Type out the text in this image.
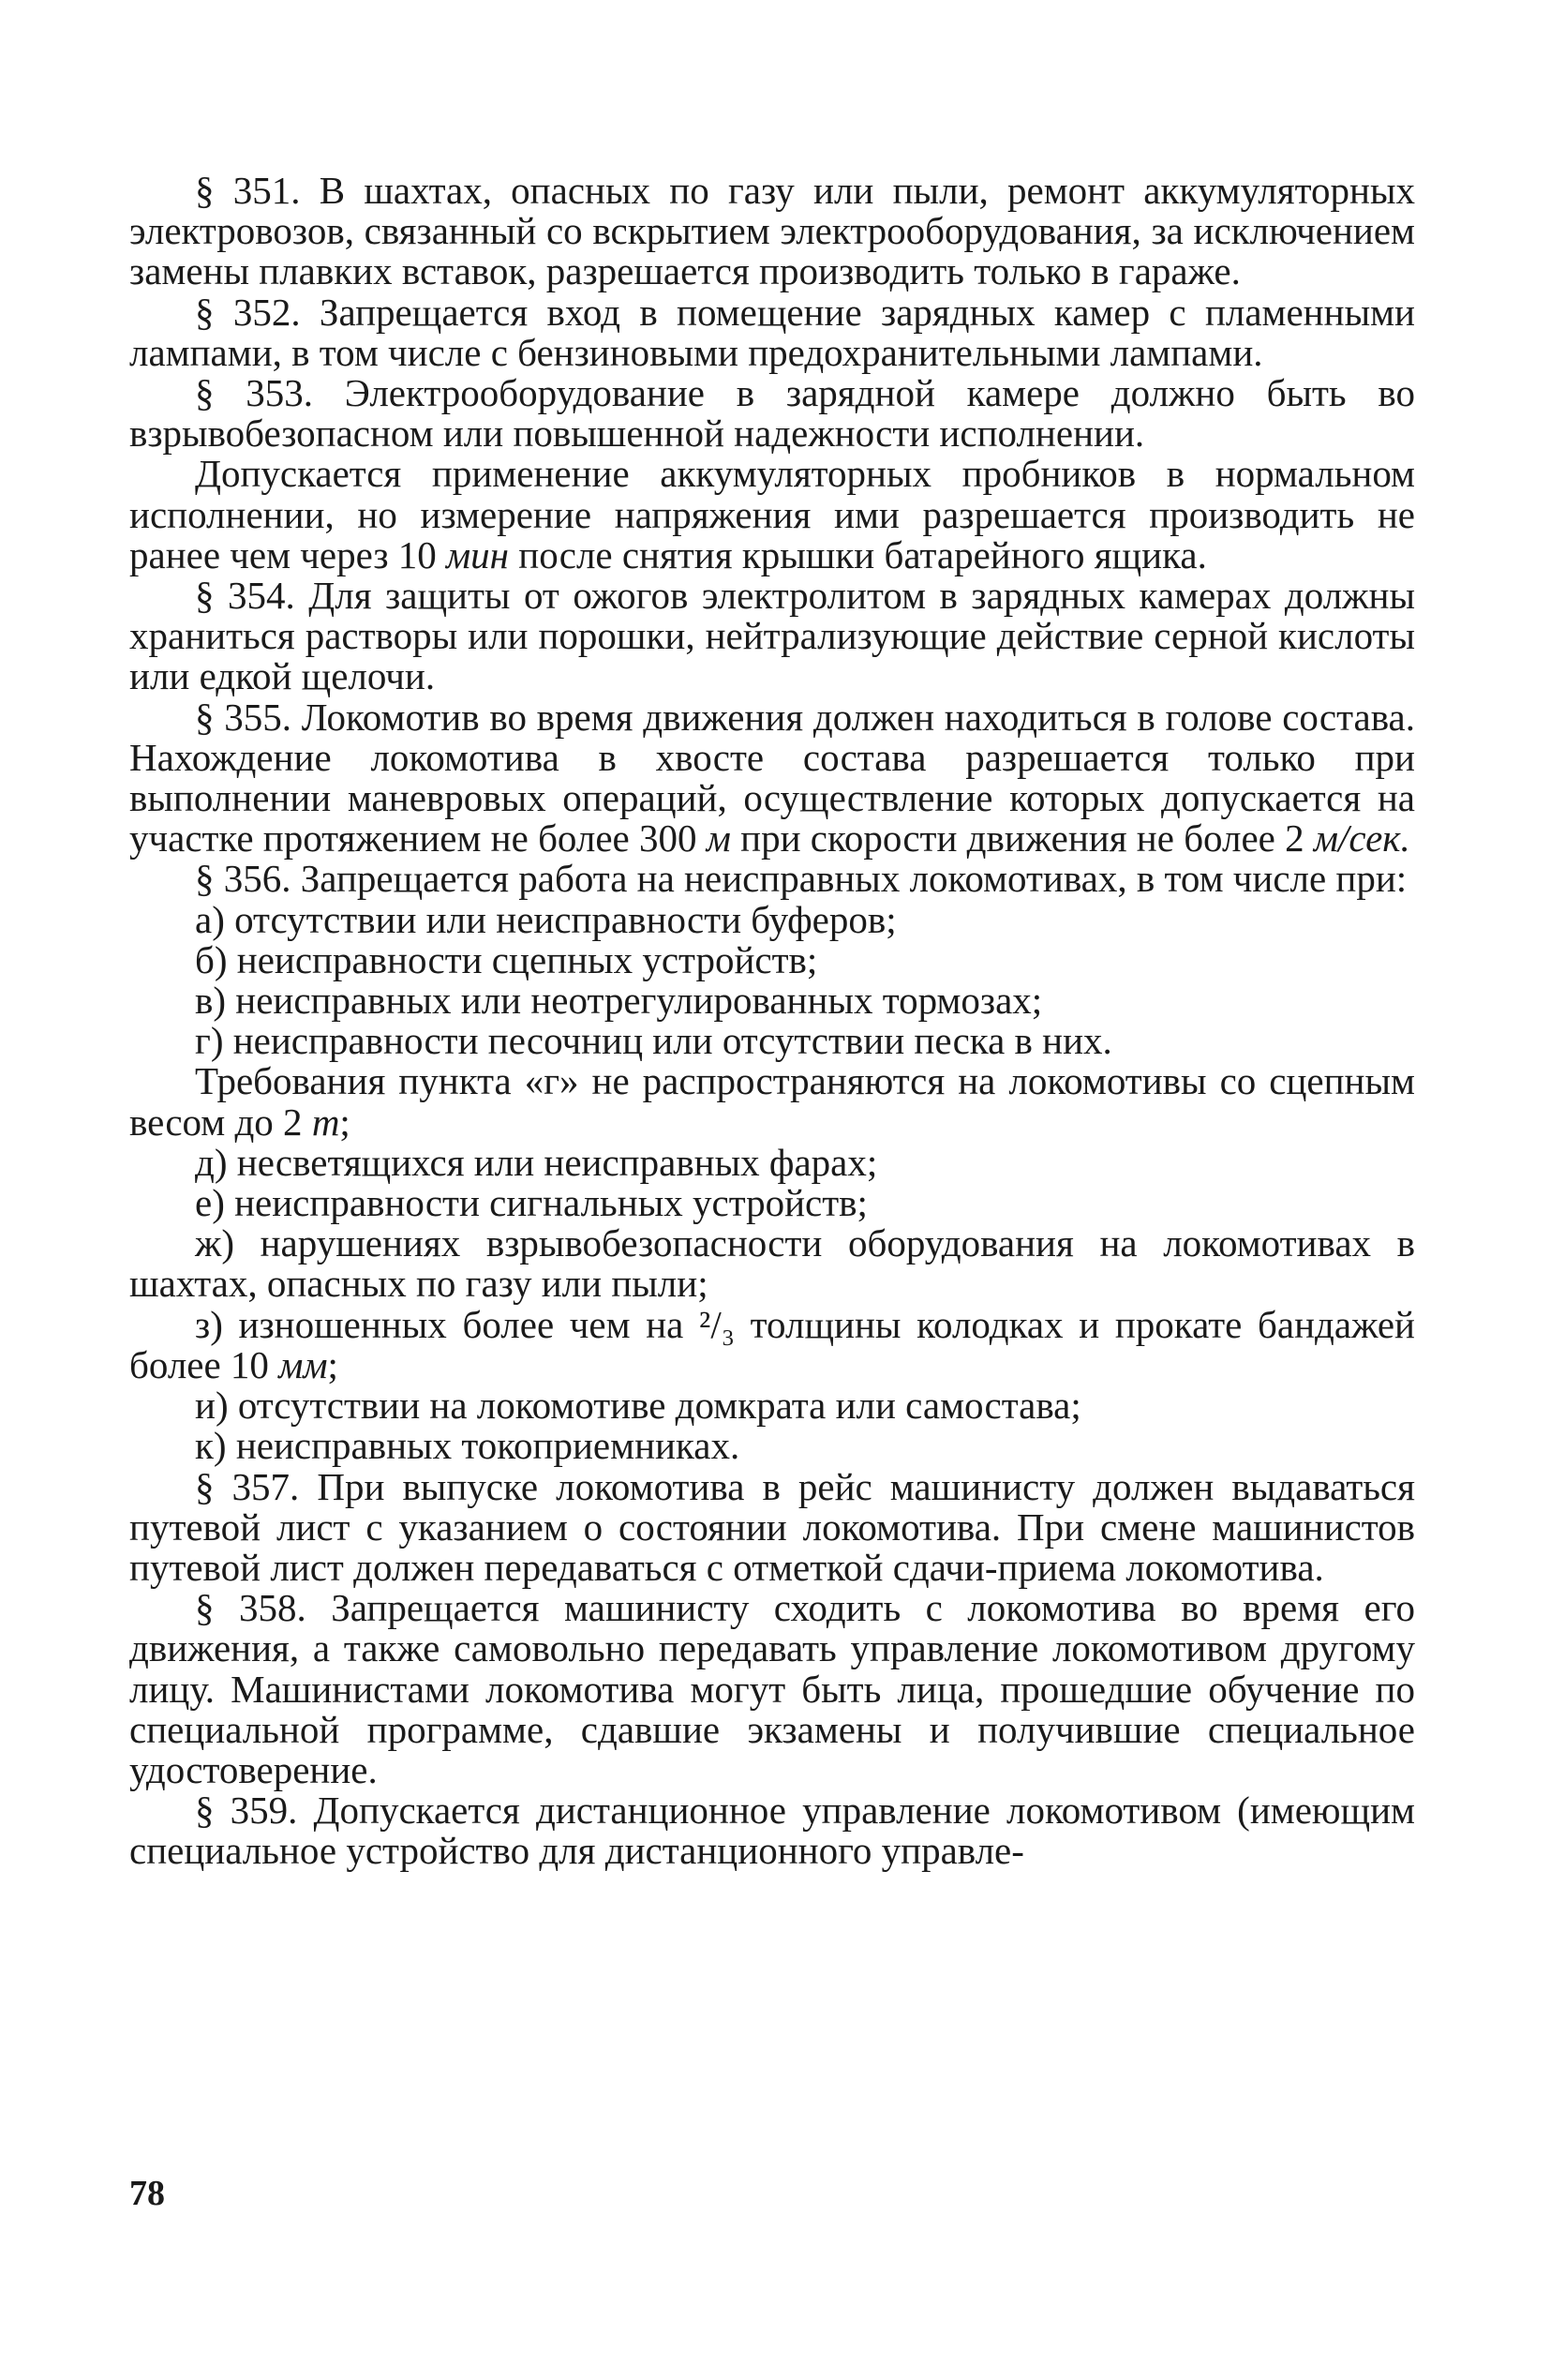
§ 351. В шахтах, опасных по газу или пыли, ремонт аккумуляторных электровозов, связанный со вскрытием электрооборудования, за исключением замены плавких вставок, разрешается производить только в гараже.

§ 352. Запрещается вход в помещение зарядных камер с пламенными лампами, в том числе с бензиновыми предохранительными лампами.

§ 353. Электрооборудование в зарядной камере должно быть во взрывобезопасном или повышенной надежности исполнении.

Допускается применение аккумуляторных пробников в нормальном исполнении, но измерение напряжения ими разрешается производить не ранее чем через 10 мин после снятия крышки батарейного ящика.

§ 354. Для защиты от ожогов электролитом в зарядных камерах должны храниться растворы или порошки, нейтрализующие действие серной кислоты или едкой щелочи.

§ 355. Локомотив во время движения должен находиться в голове состава. Нахождение локомотива в хвосте состава разрешается только при выполнении маневровых операций, осуществление которых допускается на участке протяжением не более 300 м при скорости движения не более 2 м/сек.

§ 356. Запрещается работа на неисправных локомотивах, в том числе при:

а) отсутствии или неисправности буферов;

б) неисправности сцепных устройств;

в) неисправных или неотрегулированных тормозах;

г) неисправности песочниц или отсутствии песка в них.

Требования пункта «г» не распространяются на локомотивы со сцепным весом до 2 т;

д) несветящихся или неисправных фарах;

е) неисправности сигнальных устройств;

ж) нарушениях взрывобезопасности оборудования на локомотивах в шахтах, опасных по газу или пыли;

з) изношенных более чем на ²/₃ толщины колодках и прокате бандажей более 10 мм;

и) отсутствии на локомотиве домкрата или самостава;

к) неисправных токоприемниках.

§ 357. При выпуске локомотива в рейс машинисту должен выдаваться путевой лист с указанием о состоянии локомотива. При смене машинистов путевой лист должен передаваться с отметкой сдачи-приема локомотива.

§ 358. Запрещается машинисту сходить с локомотива во время его движения, а также самовольно передавать управление локомотивом другому лицу. Машинистами локомотива могут быть лица, прошедшие обучение по специальной программе, сдавшие экзамены и получившие специальное удостоверение.

§ 359. Допускается дистанционное управление локомотивом (имеющим специальное устройство для дистанционного управле-

78
